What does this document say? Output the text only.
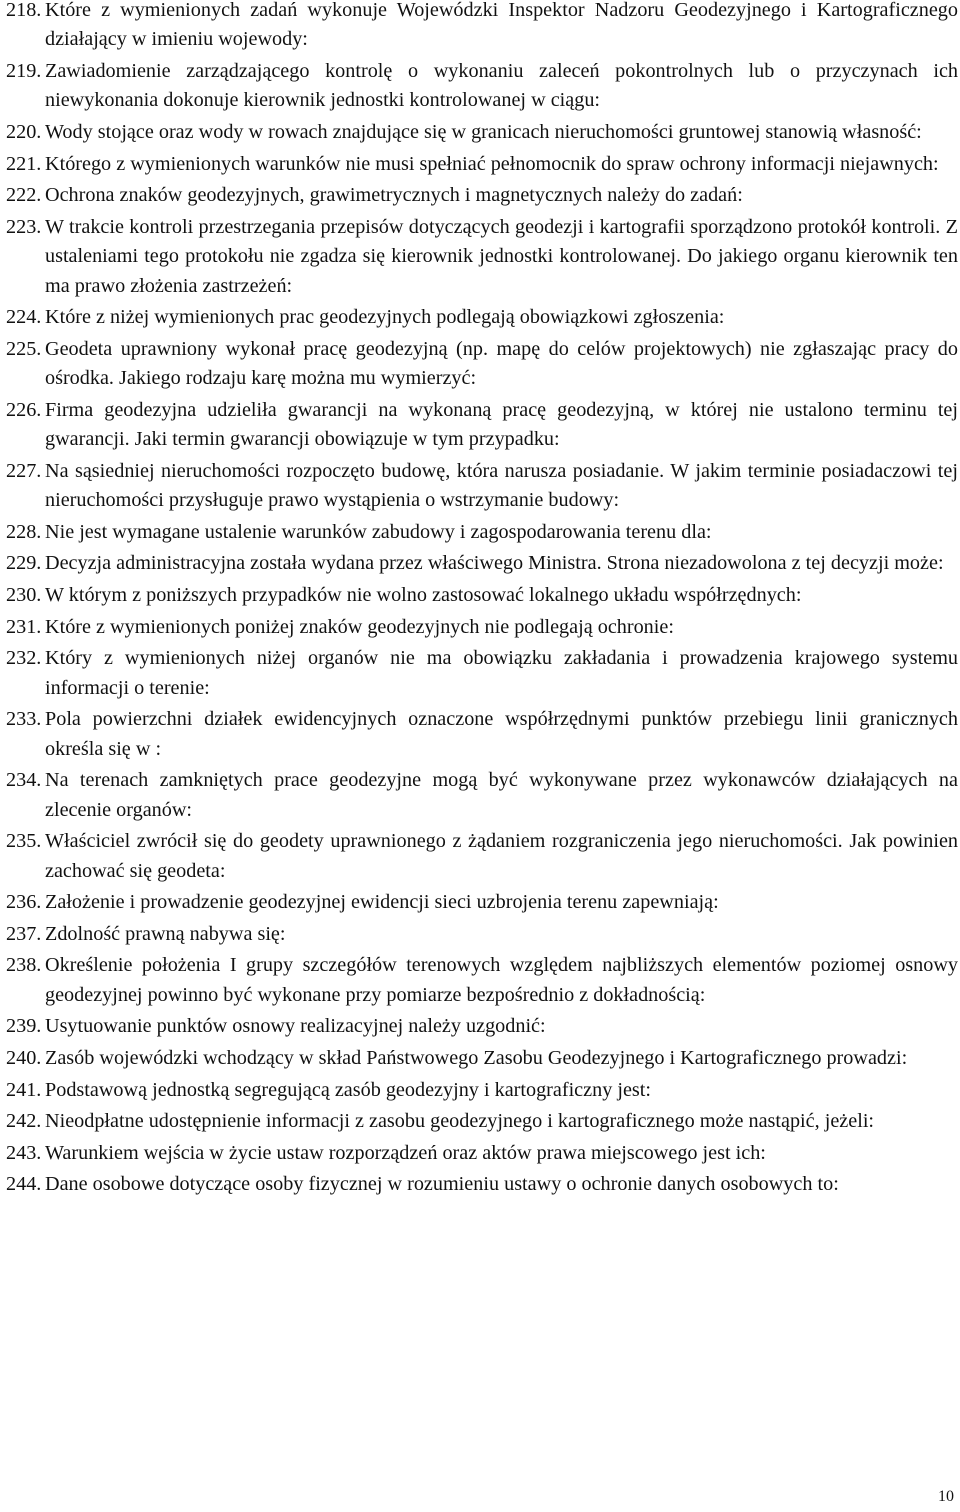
218. Które z wymienionych zadań wykonuje Wojewódzki Inspektor Nadzoru Geodezyjnego i Kartograficznego działający w imieniu wojewody:
219. Zawiadomienie zarządzającego kontrolę o wykonaniu zaleceń pokontrolnych lub o przyczynach ich niewykonania dokonuje kierownik jednostki kontrolowanej w ciągu:
220. Wody stojące oraz wody w rowach znajdujące się w granicach nieruchomości gruntowej stanowią własność:
221. Którego z wymienionych warunków nie musi spełniać pełnomocnik do spraw ochrony informacji niejawnych:
222. Ochrona znaków geodezyjnych, grawimetrycznych i magnetycznych należy do zadań:
223. W trakcie kontroli przestrzegania przepisów dotyczących geodezji i kartografii sporządzono protokół kontroli. Z ustaleniami tego protokołu nie zgadza się kierownik jednostki kontrolowanej. Do jakiego organu kierownik ten ma prawo złożenia zastrzeżeń:
224. Które z niżej wymienionych prac geodezyjnych podlegają obowiązkowi zgłoszenia:
225. Geodeta uprawniony wykonał pracę geodezyjną (np. mapę do celów projektowych) nie zgłaszając pracy do ośrodka. Jakiego rodzaju karę można mu wymierzyć:
226. Firma geodezyjna udzieliła gwarancji na wykonaną pracę geodezyjną, w której nie ustalono terminu tej gwarancji. Jaki termin gwarancji obowiązuje w tym przypadku:
227. Na sąsiedniej nieruchomości rozpoczęto budowę, która narusza posiadanie. W jakim terminie posiadaczowi tej nieruchomości przysługuje prawo wystąpienia o wstrzymanie budowy:
228. Nie jest wymagane ustalenie warunków zabudowy i zagospodarowania terenu dla:
229. Decyzja administracyjna została wydana przez właściwego Ministra. Strona niezadowolona z tej decyzji może:
230. W którym z poniższych przypadków nie wolno zastosować lokalnego układu współrzędnych:
231. Które z wymienionych poniżej znaków geodezyjnych nie podlegają ochronie:
232. Który z wymienionych niżej organów nie ma obowiązku zakładania i prowadzenia krajowego systemu informacji o terenie:
233. Pola powierzchni działek ewidencyjnych oznaczone współrzędnymi punktów przebiegu linii granicznych określa się w :
234. Na terenach zamkniętych prace geodezyjne mogą być wykonywane przez wykonawców działających na zlecenie organów:
235. Właściciel zwrócił się do geodety uprawnionego z żądaniem rozgraniczenia jego nieruchomości. Jak powinien zachować się geodeta:
236. Założenie i prowadzenie geodezyjnej ewidencji sieci uzbrojenia terenu zapewniają:
237. Zdolność prawną nabywa się:
238. Określenie położenia I grupy szczegółów terenowych względem najbliższych elementów poziomej osnowy geodezyjnej powinno być wykonane przy pomiarze bezpośrednio z dokładnością:
239. Usytuowanie punktów osnowy realizacyjnej należy uzgodnić:
240. Zasób wojewódzki wchodzący w skład Państwowego Zasobu Geodezyjnego i Kartograficznego prowadzi:
241. Podstawową jednostką segregującą zasób geodezyjny i kartograficzny jest:
242. Nieodpłatne udostępnienie informacji z zasobu geodezyjnego i kartograficznego może nastąpić, jeżeli:
243. Warunkiem wejścia w życie ustaw rozporządzeń oraz aktów prawa miejscowego jest ich:
244. Dane osobowe dotyczące osoby fizycznej w rozumieniu ustawy o ochronie danych osobowych to:
10
